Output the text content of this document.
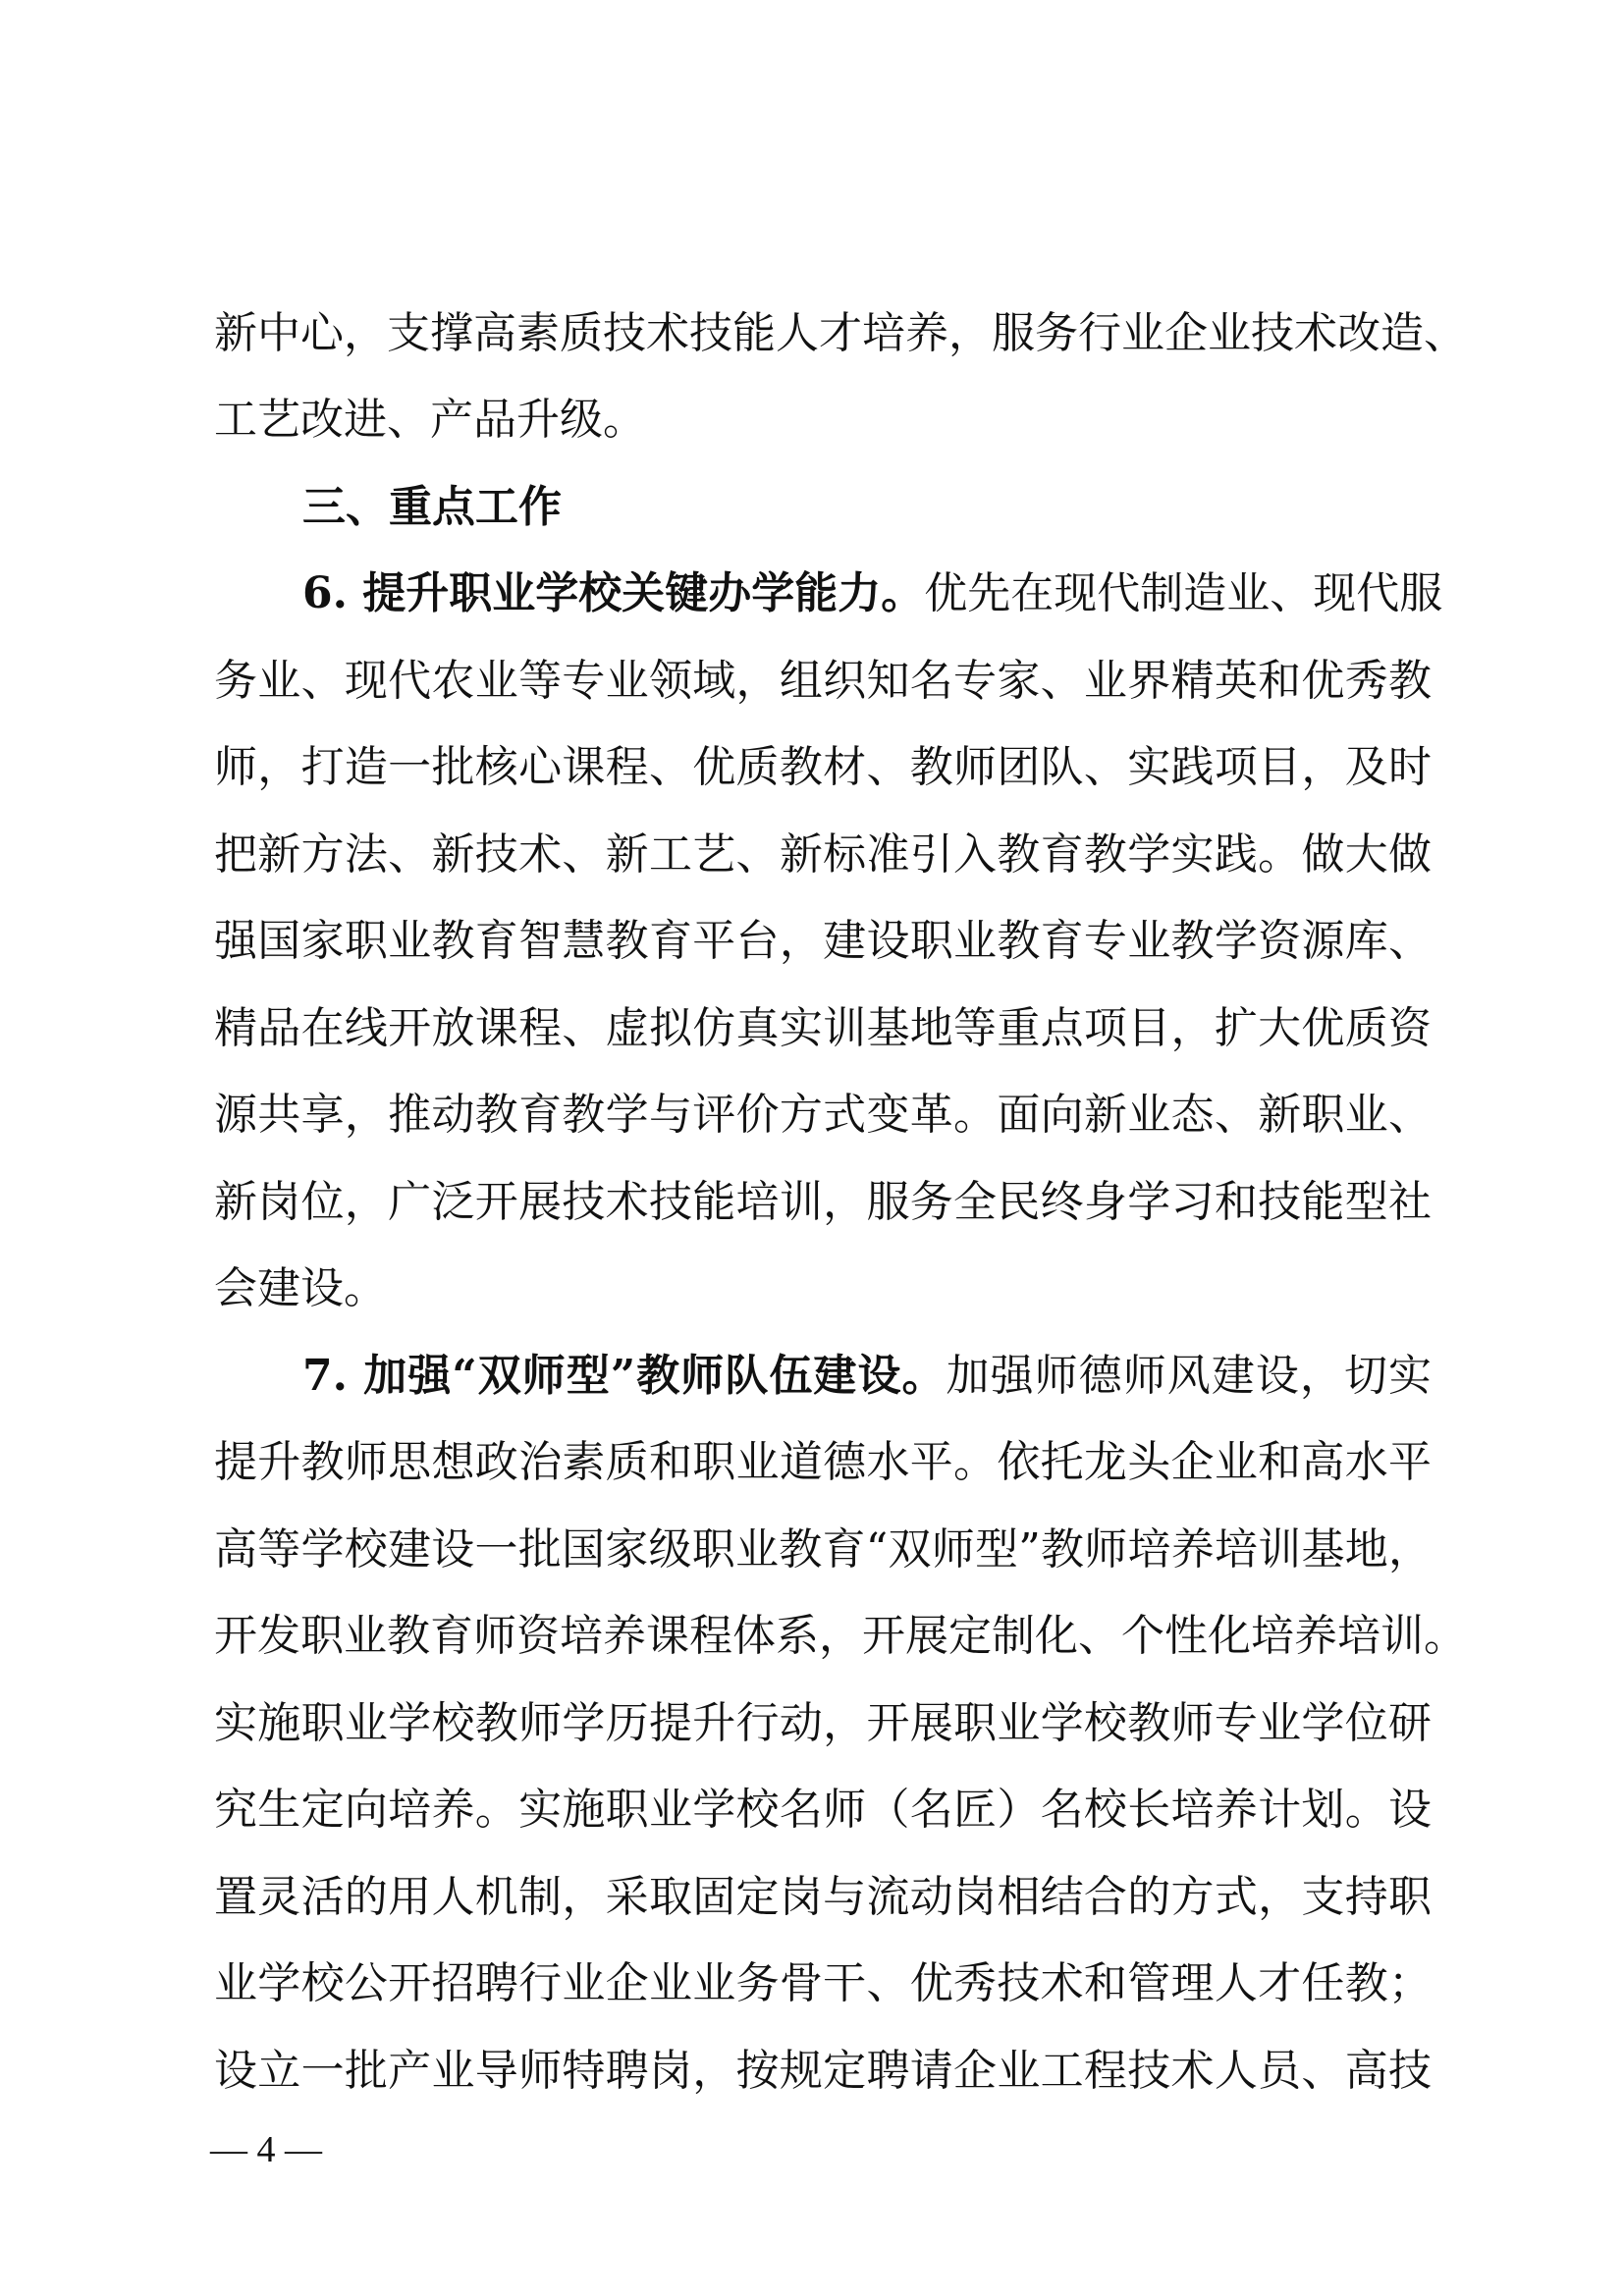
新中心，支撑高素质技术技能人才培养，服务行业企业技术改造、
工艺改进、产品升级。
三、重点工作
6. 提升职业学校关键办学能力。优先在现代制造业、现代服
务业、现代农业等专业领域，组织知名专家、业界精英和优秀教
师，打造一批核心课程、优质教材、教师团队、实践项目，及时
把新方法、新技术、新工艺、新标准引入教育教学实践。做大做
强国家职业教育智慧教育平台，建设职业教育专业教学资源库、
精品在线开放课程、虚拟仿真实训基地等重点项目，扩大优质资
源共享，推动教育教学与评价方式变革。面向新业态、新职业、
新岗位，广泛开展技术技能培训，服务全民终身学习和技能型社
会建设。
7. 加强“双师型”教师队伍建设。加强师德师风建设，切实
提升教师思想政治素质和职业道德水平。依托龙头企业和高水平
高等学校建设一批国家级职业教育“双师型”教师培养培训基地，
开发职业教育师资培养课程体系，开展定制化、个性化培养培训。
实施职业学校教师学历提升行动，开展职业学校教师专业学位研
究生定向培养。实施职业学校名师（名匠）名校长培养计划。设
置灵活的用人机制，采取固定岗与流动岗相结合的方式，支持职
业学校公开招聘行业企业业务骨干、优秀技术和管理人才任教；
设立一批产业导师特聘岗，按规定聘请企业工程技术人员、高技
— 4 —
